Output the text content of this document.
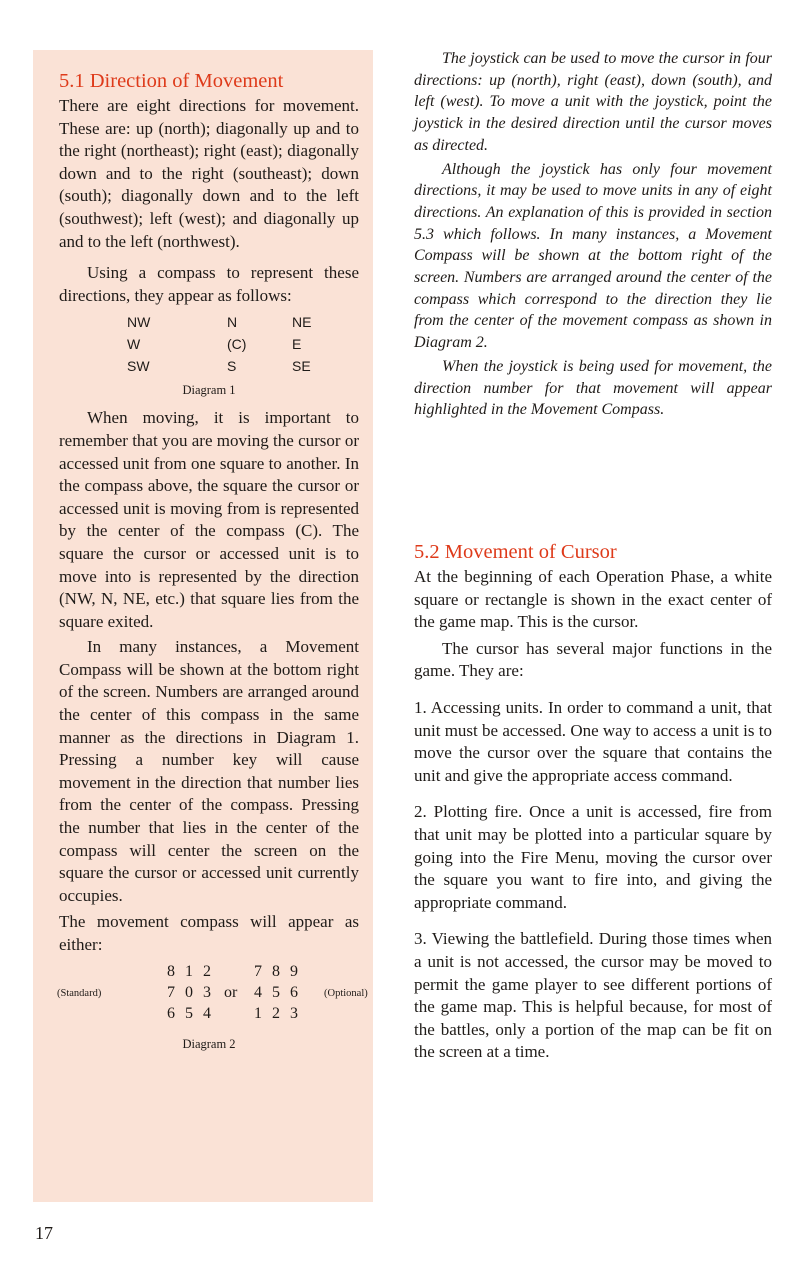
5.1 Direction of Movement

There are eight directions for movement. These are: up (north); diagonally up and to the right (northeast); right (east); diagonally down and to the right (southeast); down (south); diagonally down and to the left (southwest); left (west); and diagonally up and to the left (northwest).

Using a compass to represent these directions, they appear as follows:

NW	N	NE
W	(C)	E
SW	S	SE
Diagram 1

When moving, it is important to remember that you are moving the cursor or accessed unit from one square to another. In the compass above, the square the cursor or accessed unit is moving from is represented by the center of the compass (C). The square the cursor or accessed unit is to move into is represented by the direction (NW, N, NE, etc.) that square lies from the square exited.

In many instances, a Movement Compass will be shown at the bottom right of the screen. Numbers are arranged around the center of this compass in the same manner as the directions in Diagram 1. Pressing a number key will cause movement in the direction that number lies from the center of the compass. Pressing the number that lies in the center of the compass will center the screen on the square the cursor or accessed unit currently occupies.

The movement compass will appear as either:

8 1 2
7 0 3
6 5 4
(Standard)	or
7 8 9
4 5 6
1 2 3
(Optional)
Diagram 2

The joystick can be used to move the cursor in four directions: up (north), right (east), down (south), and left (west). To move a unit with the joystick, point the joystick in the desired direction until the cursor moves as directed.

Although the joystick has only four movement directions, it may be used to move units in any of eight directions. An explanation of this is provided in section 5.3 which follows. In many instances, a Movement Compass will be shown at the bottom right of the screen. Numbers are arranged around the center of the compass which correspond to the direction they lie from the center of the movement compass as shown in Diagram 2.

When the joystick is being used for movement, the direction number for that movement will appear highlighted in the Movement Compass.

5.2 Movement of Cursor

At the beginning of each Operation Phase, a white square or rectangle is shown in the exact center of the game map. This is the cursor.

The cursor has several major functions in the game. They are:

1. Accessing units. In order to command a unit, that unit must be accessed. One way to access a unit is to move the cursor over the square that contains the unit and give the appropriate access command.

2. Plotting fire. Once a unit is accessed, fire from that unit may be plotted into a particular square by going into the Fire Menu, moving the cursor over the square you want to fire into, and giving the appropriate command.

3. Viewing the battlefield. During those times when a unit is not accessed, the cursor may be moved to permit the game player to see different portions of the game map. This is helpful because, for most of the battles, only a portion of the map can be fit on the screen at a time.

17
